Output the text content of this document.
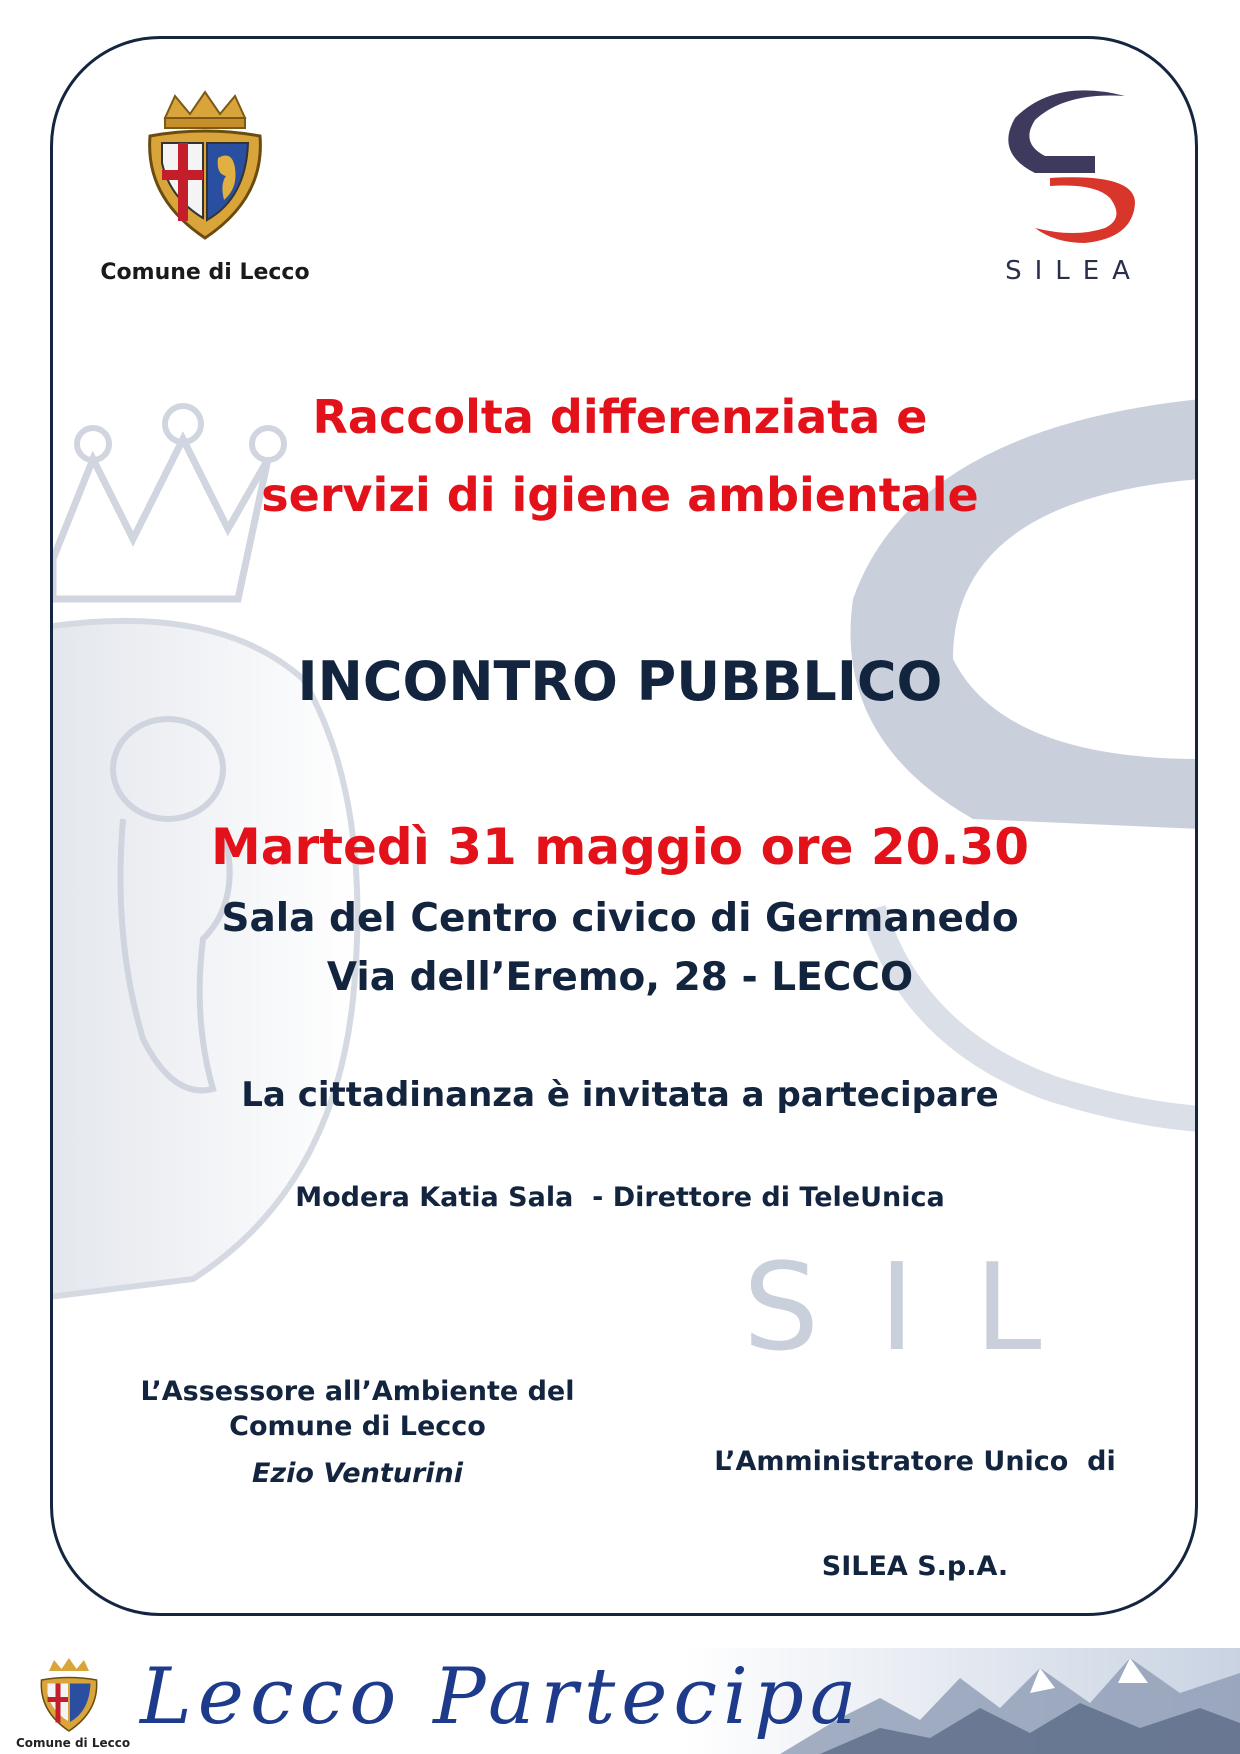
SIL
Comune di Lecco	SILEA
Raccolta differenziata e
servizi di igiene ambientale
INCONTRO PUBBLICO
Martedì 31 maggio ore 20.30
Sala del Centro civico di Germanedo
Via dell’Eremo, 28 - LECCO
La cittadinanza è invitata a partecipare
Modera Katia Sala  - Direttore di TeleUnica
L’Assessore all’Ambiente del
Comune di Lecco
Ezio Venturini

	L’Amministratore Unico  di

SILEA S.p.A.

Comune di Lecco
Lecco Partecipa
